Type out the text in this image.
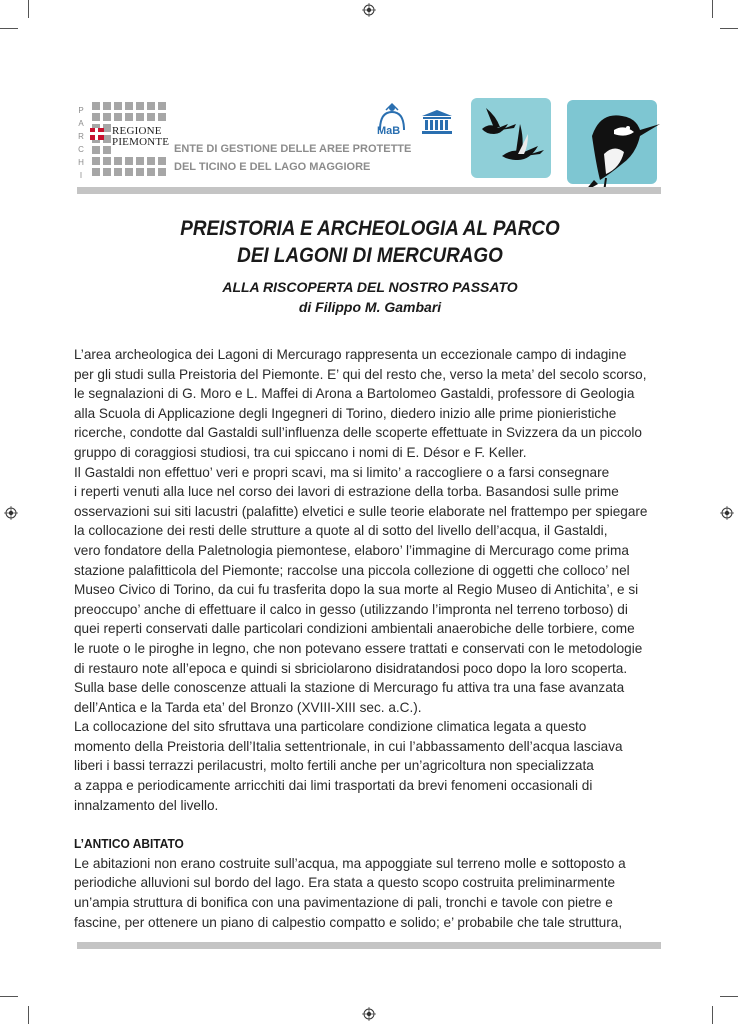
P
A
R
C
H
I
REGIONE
PIEMONTE
ENTE DI GESTIONE DELLE AREE PROTETTE
DEL TICINO E DEL LAGO MAGGIORE
MaB
PREISTORIA E ARCHEOLOGIA AL PARCO
DEI LAGONI DI MERCURAGO
ALLA RISCOPERTA DEL NOSTRO PASSATO
di Filippo M. Gambari
L’area archeologica dei Lagoni di Mercurago rappresenta un eccezionale campo di indagine
per gli studi sulla Preistoria del Piemonte. E’ qui del resto che, verso la meta’ del secolo scorso,
le segnalazioni di G. Moro e L. Maffei di Arona a Bartolomeo Gastaldi, professore di Geologia
alla Scuola di Applicazione degli Ingegneri di Torino, diedero inizio alle prime pionieristiche
ricerche, condotte dal Gastaldi sull’influenza delle scoperte effettuate in Svizzera da un piccolo
gruppo di coraggiosi studiosi, tra cui spiccano i nomi di E. Désor e F. Keller.
Il Gastaldi non effettuo’ veri e propri scavi, ma si limito’ a raccogliere o a farsi consegnare
i reperti venuti alla luce nel corso dei lavori di estrazione della torba. Basandosi sulle prime
osservazioni sui siti lacustri (palafitte) elvetici e sulle teorie elaborate nel frattempo per spiegare
la collocazione dei resti delle strutture a quote al di sotto del livello dell’acqua, il Gastaldi,
vero fondatore della Paletnologia piemontese, elaboro’ l’immagine di Mercurago come prima
stazione palafitticola del Piemonte; raccolse una piccola collezione di oggetti che colloco’ nel
Museo Civico di Torino, da cui fu trasferita dopo la sua morte al Regio Museo di Antichita’, e si
preoccupo’ anche di effettuare il calco in gesso (utilizzando l’impronta nel terreno torboso) di
quei reperti conservati dalle particolari condizioni ambientali anaerobiche delle torbiere, come
le ruote o le piroghe in legno, che non potevano essere trattati e conservati con le metodologie
di restauro note all’epoca e quindi si sbriciolarono disidratandosi poco dopo la loro scoperta.
Sulla base delle conoscenze attuali la stazione di Mercurago fu attiva tra una fase avanzata
dell’Antica e la Tarda eta’ del Bronzo (XVIII-XIII sec. a.C.).
La collocazione del sito sfruttava una particolare condizione climatica legata a questo
momento della Preistoria dell’Italia settentrionale, in cui l’abbassamento dell’acqua lasciava
liberi i bassi terrazzi perilacustri, molto fertili anche per un’agricoltura non specializzata
a zappa e periodicamente arricchiti dai limi trasportati da brevi fenomeni occasionali di
innalzamento del livello.
L’ANTICO ABITATO
Le abitazioni non erano costruite sull’acqua, ma appoggiate sul terreno molle e sottoposto a
periodiche alluvioni sul bordo del lago. Era stata a questo scopo costruita preliminarmente
un’ampia struttura di bonifica con una pavimentazione di pali, tronchi e tavole con pietre e
fascine, per ottenere un piano di calpestio compatto e solido; e’ probabile che tale struttura,
